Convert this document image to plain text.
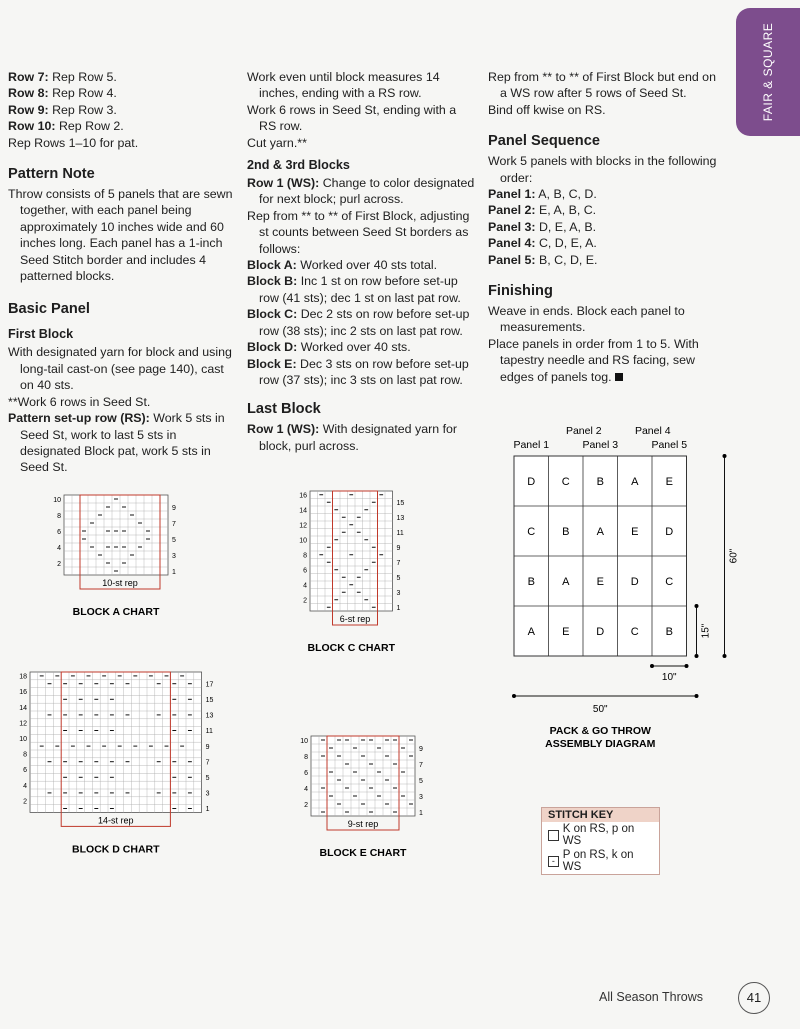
FAIR & SQUARE

Row 7: Rep Row 5.

Row 8: Rep Row 4.

Row 9: Rep Row 3.

Row 10: Rep Row 2.

Rep Rows 1–10 for pat.

Pattern Note

Throw consists of 5 panels that are sewn together, with each panel being approximately 10 inches wide and 60 inches long. Each panel has a 1-inch Seed Stitch border and includes 4 patterned blocks.

Basic Panel
First Block

With designated yarn for block and using long-tail cast-on (see page 140), cast on 40 sts.

**Work 6 rows in Seed St.

Pattern set-up row (RS): Work 5 sts in Seed St, work to last 5 sts in designated Block pat, work 5 sts in Seed St.

Work even until block measures 14 inches, ending with a RS row.

Work 6 rows in Seed St, ending with a RS row.

Cut yarn.**

2nd & 3rd Blocks

Row 1 (WS): Change to color designated for next block; purl across.

Rep from ** to ** of First Block, adjusting st counts between Seed St borders as follows:

Block A: Worked over 40 sts total.

Block B: Inc 1 st on row before set-up row (41 sts); dec 1 st on last pat row.

Block C: Dec 2 sts on row before set-up row (38 sts); inc 2 sts on last pat row.

Block D: Worked over 40 sts.

Block E: Dec 3 sts on row before set-up row (37 sts); inc 3 sts on last pat row.

Last Block

Row 1 (WS): With designated yarn for block, purl across.

Rep from ** to ** of First Block but end on a WS row after 5 rows of Seed St.

Bind off kwise on RS.

Panel Sequence

Work 5 panels with blocks in the following order:

Panel 1: A, B, C, D.

Panel 2: E, A, B, C.

Panel 3: D, E, A, B.

Panel 4: C, D, E, A.

Panel 5: B, C, D, E.

Finishing

Weave in ends. Block each panel to measurements.

Place panels in order from 1 to 5. With tapestry needle and RS facing, sew edges of panels tog.

10-st rep
10
8
6
4
2
9
7
5
3
1
BLOCK A CHART
6-st rep
16
14
12
10
8
6
4
2
15
13
11
9
7
5
3
1
BLOCK C CHART
14-st rep
18
16
14
12
10
8
6
4
2
17
15
13
11
9
7
5
3
1
BLOCK D CHART
9-st rep
10
8
6
4
2
9
7
5
3
1
BLOCK E CHART
Panel 2	Panel 4
Panel 1	Panel 3	Panel 5
D C B A E
C B A E D
B A E D C
A E D C B
60"
15"
10"
50"
PACK & GO THROW
ASSEMBLY DIAGRAM
STITCH KEY
K on RS, p on WS
- P on RS, k on WS
All Season Throws	41
